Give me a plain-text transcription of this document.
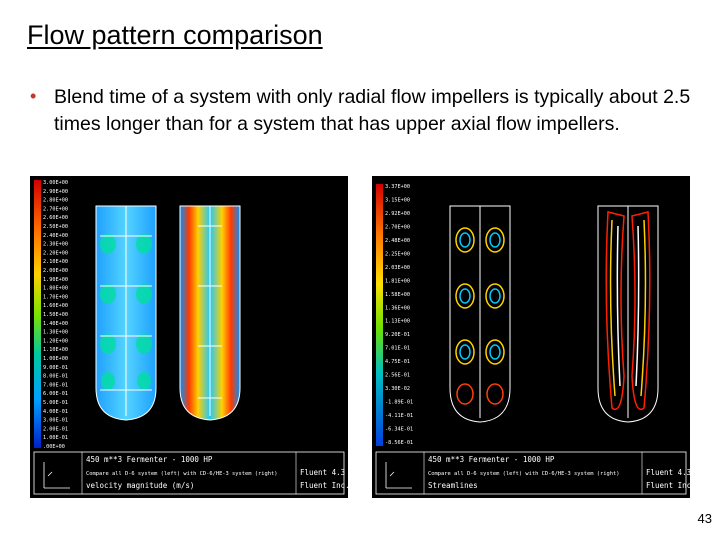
Flow pattern comparison
• Blend time of a system with only radial flow impellers is typically about 2.5 times longer than for a system that has upper axial flow impellers.
3.00E+00
2.90E+00
2.80E+00
2.70E+00
2.60E+00
2.50E+00
2.40E+00
2.30E+00
2.20E+00
2.10E+00
2.00E+00
1.90E+00
1.80E+00
1.70E+00
1.60E+00
1.50E+00
1.40E+00
1.30E+00
1.20E+00
1.10E+00
1.00E+00
9.00E-01
8.00E-01
7.00E-01
6.00E-01
5.00E-01
4.00E-01
3.00E-01
2.00E-01
1.00E-01
.00E+00
450 m**3 Fermenter - 1000 HP
Compare all D-6 system (left) with CD-6/HE-3 system (right)
velocity magnitude (m/s)
Fluent 4.3
Fluent Inc.
3.37E+00
3.15E+00
2.92E+00
2.70E+00
2.48E+00
2.25E+00
2.03E+00
1.81E+00
1.58E+00
1.36E+00
1.13E+00
9.20E-01
7.01E-01
4.75E-01
2.56E-01
3.30E-02
-1.89E-01
-4.11E-01
-6.34E-01
-8.56E-01
450 m**3 Fermenter - 1000 HP
Compare all D-6 system (left) with CD-6/HE-3 system (right)
Streamlines
Fluent 4.3
Fluent Inc.
43
